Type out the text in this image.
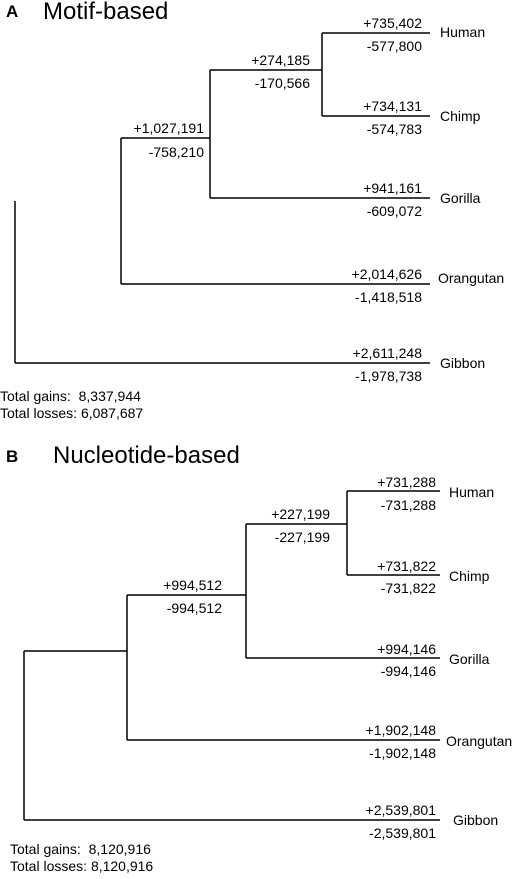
A Motif-based	+735,402
-577,800
Human
+734,131
-574,783
Chimp
+274,185
-170,566
+941,161
-609,072
Gorilla
+1,027,191
-758,210
+2,014,626
-1,418,518
Orangutan
+2,611,248
-1,978,738
Gibbon
Total gains: 8,337,944
Total losses: 6,087,687
B Nucleotide-based
+731,288
-731,288
Human
+731,822
-731,822
Chimp
+227,199
-227,199
+994,146
-994,146
Gorilla
+994,512
-994,512
+1,902,148
-1,902,148
Orangutan
+2,539,801
-2,539,801
Gibbon
Total gains: 8,120,916
Total losses: 8,120,916
